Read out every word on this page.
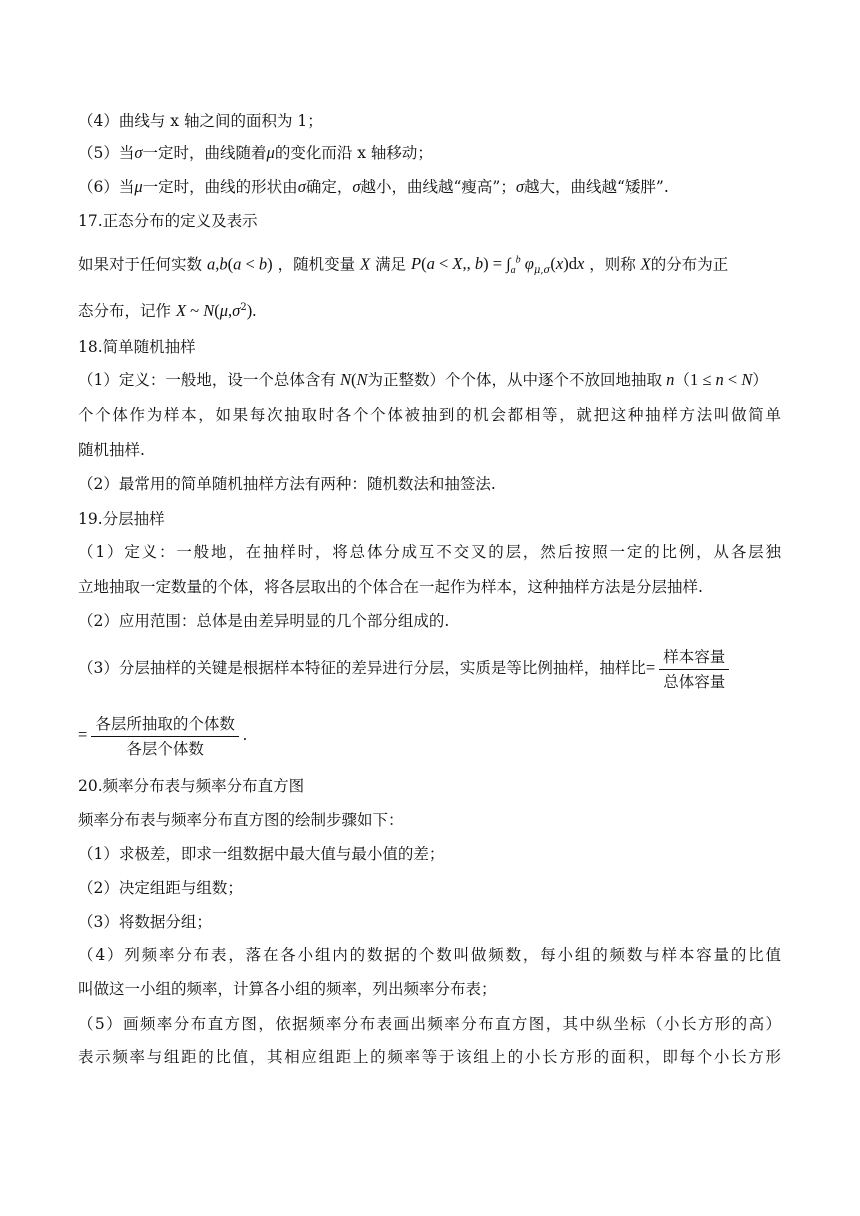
（4）曲线与 x 轴之间的面积为 1；
（5）当σ一定时，曲线随着μ的变化而沿 x 轴移动；
（6）当μ一定时，曲线的形状由σ确定，σ越小，曲线越“瘦高”；σ越大，曲线越“矮胖”.
17.正态分布的定义及表示
如果对于任何实数 a,b(a < b) ，随机变量 X 满足 P(a < X,, $b) = \int_a^b$ $\varphi_{\mu,\sigma}(x)dx$ ，则称 X的分布为正
态分布，记作 X ~ $N(\mu,\sigma^2)$.
18.简单随机抽样
（1）定义：一般地，设一个总体含有 N(N为正整数）个个体，从中逐个不放回地抽取 n（1 ≤ n < N）
个个体作为样本，如果每次抽取时各个个体被抽到的机会都相等，就把这种抽样方法叫做简单
随机抽样.
（2）最常用的简单随机抽样方法有两种：随机数法和抽签法.
19.分层抽样
（1）定义：一般地，在抽样时，将总体分成互不交叉的层，然后按照一定的比例，从各层独
立地抽取一定数量的个体，将各层取出的个体合在一起作为样本，这种抽样方法是分层抽样.
（2）应用范围：总体是由差异明显的几个部分组成的.
（3）分层抽样的关键是根据样本特征的差异进行分层，实质是等比例抽样，抽样比= $\frac{\text{样本容量}}{\text{总体容量}}$
= $\frac{\text{各层所抽取的个体数}}{\text{各层个体数}}$ .
20.频率分布表与频率分布直方图
频率分布表与频率分布直方图的绘制步骤如下：
（1）求极差，即求一组数据中最大值与最小值的差；
（2）决定组距与组数；
（3）将数据分组；
（4）列频率分布表，落在各小组内的数据的个数叫做频数，每小组的频数与样本容量的比值
叫做这一小组的频率，计算各小组的频率，列出频率分布表；
（5）画频率分布直方图，依据频率分布表画出频率分布直方图，其中纵坐标（小长方形的高）
表示频率与组距的比值，其相应组距上的频率等于该组上的小长方形的面积，即每个小长方形
